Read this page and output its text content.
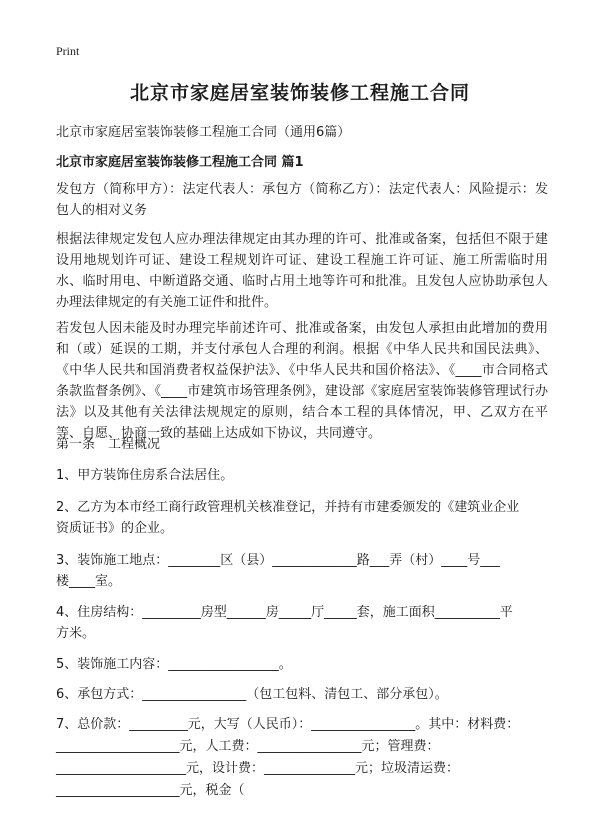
Print
北京市家庭居室装饰装修工程施工合同
北京市家庭居室装饰装修工程施工合同（通用6篇）
北京市家庭居室装饰装修工程施工合同 篇1
发包方（简称甲方）：法定代表人：承包方（简称乙方）：法定代表人：风险提示：发包人的相对义务
根据法律规定发包人应办理法律规定由其办理的许可、批准或备案，包括但不限于建设用地规划许可证、建设工程规划许可证、建设工程施工许可证、施工所需临时用水、临时用电、中断道路交通、临时占用土地等许可和批准。且发包人应协助承包人办理法律规定的有关施工证件和批件。
若发包人因未能及时办理完毕前述许可、批准或备案，由发包人承担由此增加的费用和（或）延误的工期，并支付承包人合理的利润。根据《中华人民共和国民法典》、《中华人民共和国消费者权益保护法》、《中华人民共和国价格法》、《____市合同格式条款监督条例》、《____市建筑市场管理条例》，建设部《家庭居室装饰装修管理试行办法》以及其他有关法律法规规定的原则，结合本工程的具体情况，甲、乙双方在平等、自愿、协商一致的基础上达成如下协议，共同遵守。
第一条　工程概况
1、甲方装饰住房系合法居住。
2、乙方为本市经工商行政管理机关核准登记，并持有市建委颁发的《建筑业企业
资质证书》的企业。
3、装饰施工地点：________区（县）_____________路___弄（村）____号___
楼____室。
4、住房结构：_________房型______房_____厅_____套，施工面积__________平
方米。
5、装饰施工内容：_________________。
6、承包方式：________________（包工包料、清包工、部分承包）。
7、总价款：_________元，大写（人民币）：________________。其中：材料费：
___________________元，人工费：________________元；管理费：
____________________元，设计费：______________元；垃圾清运费：
___________________元，税金（
